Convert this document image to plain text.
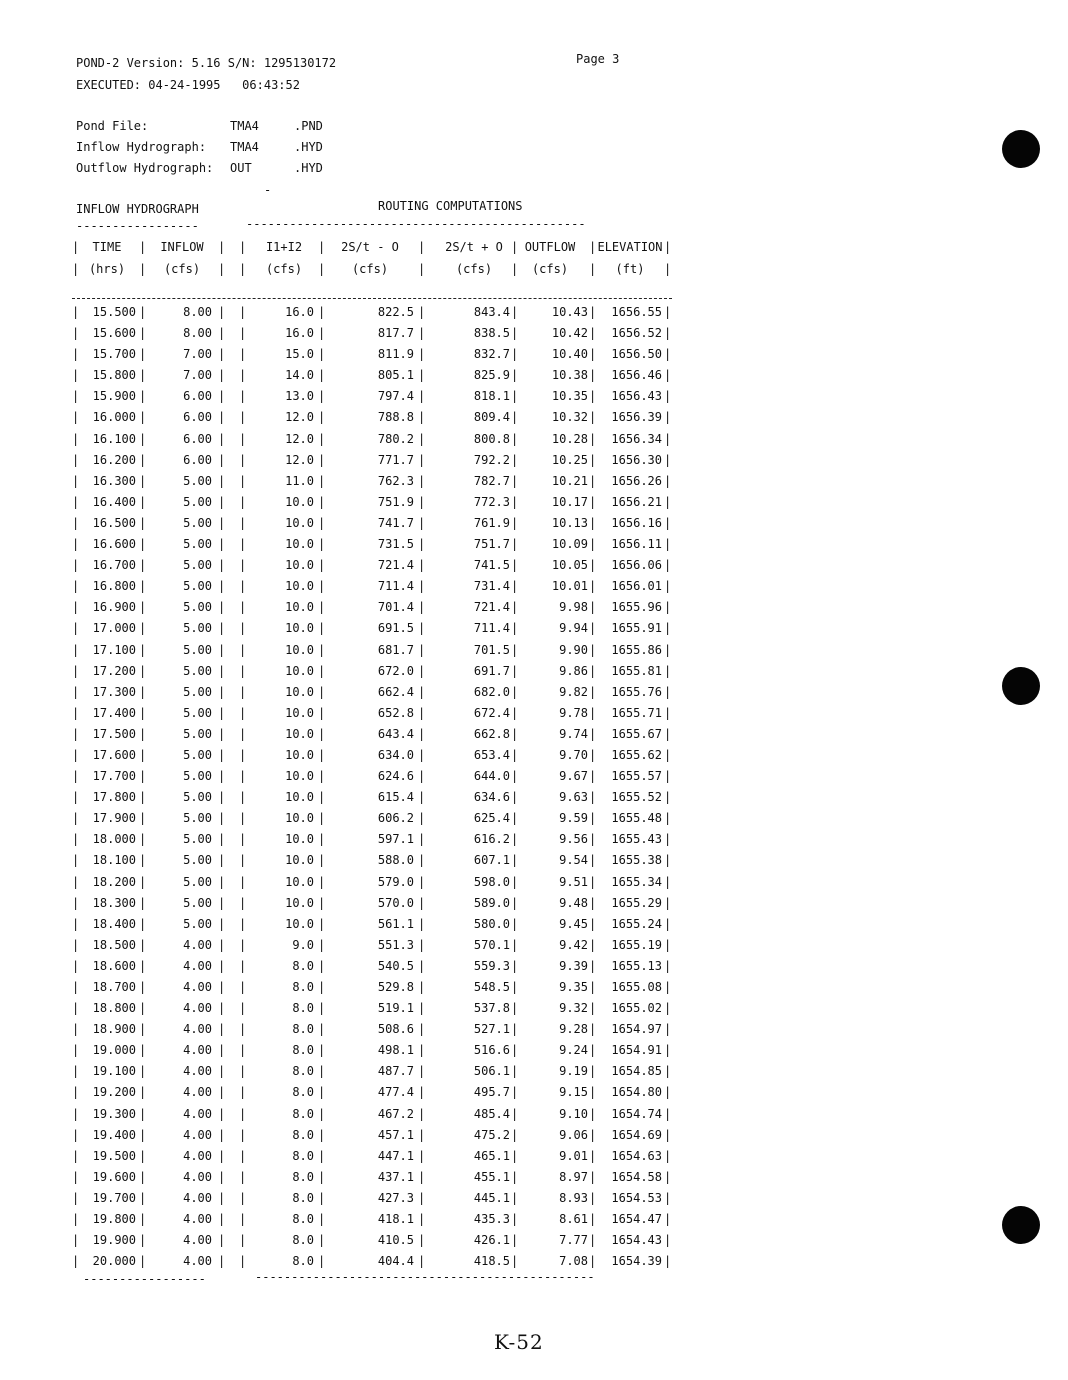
POND-2 Version: 5.16 S/N: 1295130172
EXECUTED: 04-24-1995   06:43:52
Page 3
Pond File:	TMA4	.PND
Inflow Hydrograph:	TMA4	.HYD
Outflow Hydrograph:	OUT	.HYD
-
INFLOW HYDROGRAPH	ROUTING COMPUTATIONS
-----------------	-----------------------------------------------
|	|	| |	|	|	|	|	|
TIME	INFLOW	I1+I2	2S/t - O	2S/t + O	OUTFLOW	ELEVATION
|	|	| |	|	|	|	|	|
(hrs)	(cfs)	(cfs)	(cfs)	(cfs)	(cfs)	(ft)
|	|	| |	|	|	|	|	|
15.500	8.00	16.0	822.5	843.4	10.43	1656.55
|	|	| |	|	|	|	|	|
15.600	8.00	16.0	817.7	838.5	10.42	1656.52
|	|	| |	|	|	|	|	|
15.700	7.00	15.0	811.9	832.7	10.40	1656.50
|	|	| |	|	|	|	|	|
15.800	7.00	14.0	805.1	825.9	10.38	1656.46
|	|	| |	|	|	|	|	|
15.900	6.00	13.0	797.4	818.1	10.35	1656.43
|	|	| |	|	|	|	|	|
16.000	6.00	12.0	788.8	809.4	10.32	1656.39
|	|	| |	|	|	|	|	|
16.100	6.00	12.0	780.2	800.8	10.28	1656.34
|	|	| |	|	|	|	|	|
16.200	6.00	12.0	771.7	792.2	10.25	1656.30
|	|	| |	|	|	|	|	|
16.300	5.00	11.0	762.3	782.7	10.21	1656.26
|	|	| |	|	|	|	|	|
16.400	5.00	10.0	751.9	772.3	10.17	1656.21
|	|	| |	|	|	|	|	|
16.500	5.00	10.0	741.7	761.9	10.13	1656.16
|	|	| |	|	|	|	|	|
16.600	5.00	10.0	731.5	751.7	10.09	1656.11
|	|	| |	|	|	|	|	|
16.700	5.00	10.0	721.4	741.5	10.05	1656.06
|	|	| |	|	|	|	|	|
16.800	5.00	10.0	711.4	731.4	10.01	1656.01
|	|	| |	|	|	|	|	|
16.900	5.00	10.0	701.4	721.4	9.98	1655.96
|	|	| |	|	|	|	|	|
17.000	5.00	10.0	691.5	711.4	9.94	1655.91
|	|	| |	|	|	|	|	|
17.100	5.00	10.0	681.7	701.5	9.90	1655.86
|	|	| |	|	|	|	|	|
17.200	5.00	10.0	672.0	691.7	9.86	1655.81
|	|	| |	|	|	|	|	|
17.300	5.00	10.0	662.4	682.0	9.82	1655.76
|	|	| |	|	|	|	|	|
17.400	5.00	10.0	652.8	672.4	9.78	1655.71
|	|	| |	|	|	|	|	|
17.500	5.00	10.0	643.4	662.8	9.74	1655.67
|	|	| |	|	|	|	|	|
17.600	5.00	10.0	634.0	653.4	9.70	1655.62
|	|	| |	|	|	|	|	|
17.700	5.00	10.0	624.6	644.0	9.67	1655.57
|	|	| |	|	|	|	|	|
17.800	5.00	10.0	615.4	634.6	9.63	1655.52
|	|	| |	|	|	|	|	|
17.900	5.00	10.0	606.2	625.4	9.59	1655.48
|	|	| |	|	|	|	|	|
18.000	5.00	10.0	597.1	616.2	9.56	1655.43
|	|	| |	|	|	|	|	|
18.100	5.00	10.0	588.0	607.1	9.54	1655.38
|	|	| |	|	|	|	|	|
18.200	5.00	10.0	579.0	598.0	9.51	1655.34
|	|	| |	|	|	|	|	|
18.300	5.00	10.0	570.0	589.0	9.48	1655.29
|	|	| |	|	|	|	|	|
18.400	5.00	10.0	561.1	580.0	9.45	1655.24
|	|	| |	|	|	|	|	|
18.500	4.00	9.0	551.3	570.1	9.42	1655.19
|	|	| |	|	|	|	|	|
18.600	4.00	8.0	540.5	559.3	9.39	1655.13
|	|	| |	|	|	|	|	|
18.700	4.00	8.0	529.8	548.5	9.35	1655.08
|	|	| |	|	|	|	|	|
18.800	4.00	8.0	519.1	537.8	9.32	1655.02
|	|	| |	|	|	|	|	|
18.900	4.00	8.0	508.6	527.1	9.28	1654.97
|	|	| |	|	|	|	|	|
19.000	4.00	8.0	498.1	516.6	9.24	1654.91
|	|	| |	|	|	|	|	|
19.100	4.00	8.0	487.7	506.1	9.19	1654.85
|	|	| |	|	|	|	|	|
19.200	4.00	8.0	477.4	495.7	9.15	1654.80
|	|	| |	|	|	|	|	|
19.300	4.00	8.0	467.2	485.4	9.10	1654.74
|	|	| |	|	|	|	|	|
19.400	4.00	8.0	457.1	475.2	9.06	1654.69
|	|	| |	|	|	|	|	|
19.500	4.00	8.0	447.1	465.1	9.01	1654.63
|	|	| |	|	|	|	|	|
19.600	4.00	8.0	437.1	455.1	8.97	1654.58
|	|	| |	|	|	|	|	|
19.700	4.00	8.0	427.3	445.1	8.93	1654.53
|	|	| |	|	|	|	|	|
19.800	4.00	8.0	418.1	435.3	8.61	1654.47
|	|	| |	|	|	|	|	|
19.900	4.00	8.0	410.5	426.1	7.77	1654.43
|	|	| |	|	|	|	|	|
20.000	4.00	8.0	404.4	418.5	7.08	1654.39
-----------------	-----------------------------------------------
K-52
